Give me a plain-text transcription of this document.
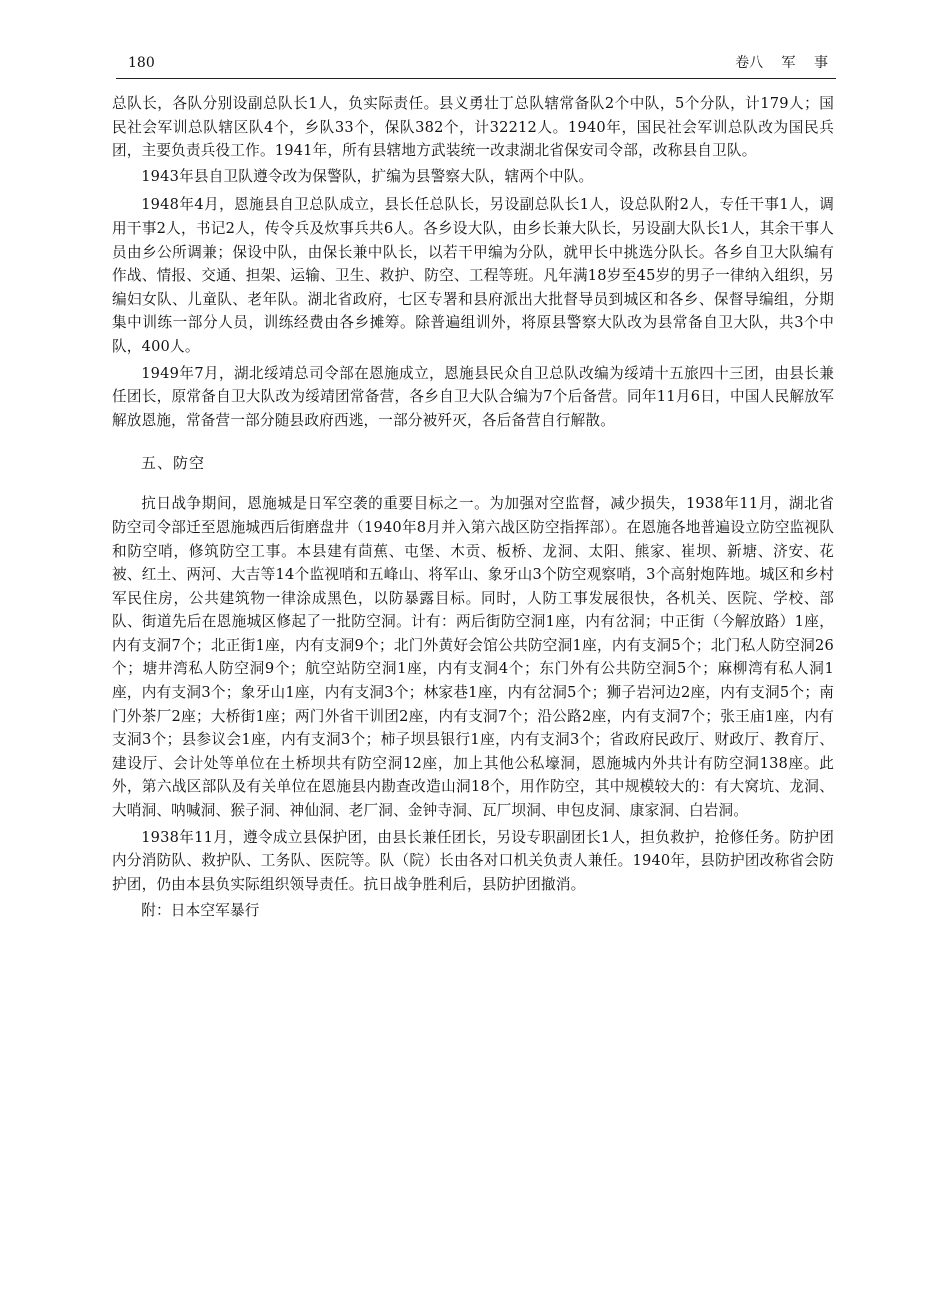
180	卷八 军 事

总队长，各队分别设副总队长1人，负实际责任。县义勇壮丁总队辖常备队2个中队，5个分队，计179人；国民社会军训总队辖区队4个，乡队33个，保队382个，计32212人。1940年，国民社会军训总队改为国民兵团，主要负责兵役工作。1941年，所有县辖地方武装统一改隶湖北省保安司令部，改称县自卫队。

1943年县自卫队遵令改为保警队，扩编为县警察大队，辖两个中队。

1948年4月，恩施县自卫总队成立，县长任总队长，另设副总队长1人，设总队附2人，专任干事1人，调用干事2人，书记2人，传令兵及炊事兵共6人。各乡设大队，由乡长兼大队长，另设副大队长1人，其余干事人员由乡公所调兼；保设中队，由保长兼中队长，以若干甲编为分队，就甲长中挑选分队长。各乡自卫大队编有作战、情报、交通、担架、运输、卫生、救护、防空、工程等班。凡年满18岁至45岁的男子一律纳入组织，另编妇女队、儿童队、老年队。湖北省政府，七区专署和县府派出大批督导员到城区和各乡、保督导编组，分期集中训练一部分人员，训练经费由各乡摊筹。除普遍组训外，将原县警察大队改为县常备自卫大队，共3个中队，400人。

1949年7月，湖北绥靖总司令部在恩施成立，恩施县民众自卫总队改编为绥靖十五旅四十三团，由县长兼任团长，原常备自卫大队改为绥靖团常备营，各乡自卫大队合编为7个后备营。同年11月6日，中国人民解放军解放恩施，常备营一部分随县政府西逃，一部分被歼灭，各后备营自行解散。

五、防空

抗日战争期间，恩施城是日军空袭的重要目标之一。为加强对空监督，减少损失，1938年11月，湖北省防空司令部迁至恩施城西后街磨盘井（1940年8月并入第六战区防空指挥部）。在恩施各地普遍设立防空监视队和防空哨，修筑防空工事。本县建有茴蕉、屯堡、木贡、板桥、龙洞、太阳、熊家、崔坝、新塘、济安、花被、红土、两河、大吉等14个监视哨和五峰山、将军山、象牙山3个防空观察哨，3个高射炮阵地。城区和乡村军民住房，公共建筑物一律涂成黑色，以防暴露目标。同时，人防工事发展很快，各机关、医院、学校、部队、街道先后在恩施城区修起了一批防空洞。计有：两后街防空洞1座，内有岔洞；中正街（今解放路）1座，内有支洞7个；北正街1座，内有支洞9个；北门外黄好会馆公共防空洞1座，内有支洞5个；北门私人防空洞26个；塘井湾私人防空洞9个；航空站防空洞1座，内有支洞4个；东门外有公共防空洞5个；麻柳湾有私人洞1座，内有支洞3个；象牙山1座，内有支洞3个；林家巷1座，内有岔洞5个；狮子岩河边2座，内有支洞5个；南门外茶厂2座；大桥街1座；两门外省干训团2座，内有支洞7个；沿公路2座，内有支洞7个；张王庙1座，内有支洞3个；县参议会1座，内有支洞3个；柿子坝县银行1座，内有支洞3个；省政府民政厅、财政厅、教育厅、建设厅、会计处等单位在土桥坝共有防空洞12座，加上其他公私壕洞，恩施城内外共计有防空洞138座。此外，第六战区部队及有关单位在恩施县内勘查改造山洞18个，用作防空，其中规模较大的：有大窝坑、龙洞、大哨洞、呐喊洞、猴子洞、神仙洞、老厂洞、金钟寺洞、瓦厂坝洞、申包皮洞、康家洞、白岩洞。

1938年11月，遵令成立县保护团，由县长兼任团长，另设专职副团长1人，担负救护，抢修任务。防护团内分消防队、救护队、工务队、医院等。队（院）长由各对口机关负责人兼任。1940年，县防护团改称省会防护团，仍由本县负实际组织领导责任。抗日战争胜利后，县防护团撤消。

附：日本空军暴行
